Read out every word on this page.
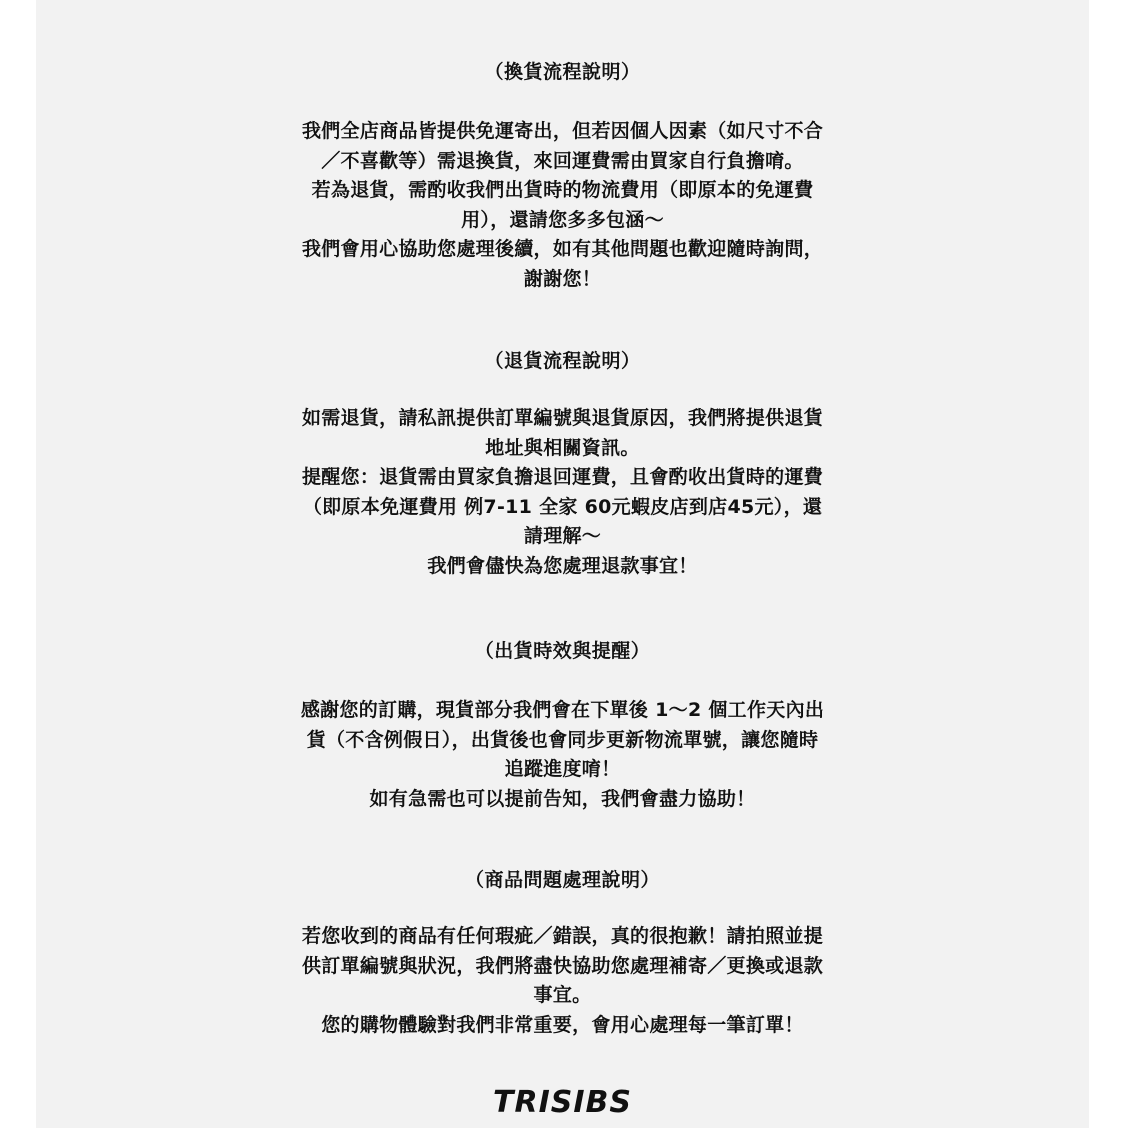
（換貨流程說明）
我們全店商品皆提供免運寄出，但若因個人因素（如尺寸不合
／不喜歡等）需退換貨，來回運費需由買家自行負擔唷。
若為退貨，需酌收我們出貨時的物流費用（即原本的免運費
用），還請您多多包涵～
我們會用心協助您處理後續，如有其他問題也歡迎隨時詢問，
謝謝您！
（退貨流程說明）
如需退貨，請私訊提供訂單編號與退貨原因，我們將提供退貨
地址與相關資訊。
提醒您：退貨需由買家負擔退回運費，且會酌收出貨時的運費
（即原本免運費用 例7-11 全家 60元蝦皮店到店45元），還
請理解～
我們會儘快為您處理退款事宜！
（出貨時效與提醒）
感謝您的訂購，現貨部分我們會在下單後 1～2 個工作天內出
貨（不含例假日），出貨後也會同步更新物流單號，讓您隨時
追蹤進度唷！
如有急需也可以提前告知，我們會盡力協助！
（商品問題處理說明）
若您收到的商品有任何瑕疵／錯誤，真的很抱歉！請拍照並提
供訂單編號與狀況，我們將盡快協助您處理補寄／更換或退款
事宜。
您的購物體驗對我們非常重要，會用心處理每一筆訂單！
TRISIBS
